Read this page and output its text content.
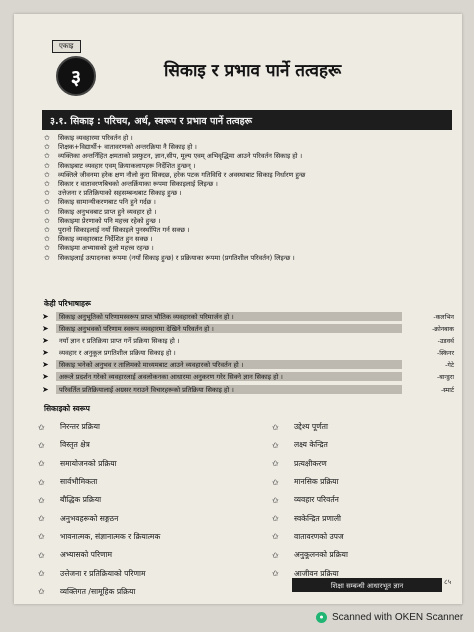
एकाइ
३	सिकाइ र प्रभाव पार्ने तत्वहरू
३.१. सिकाइ : परिचय, अर्थ, स्वरूप र प्रभाव पार्ने तत्वहरू
✩	सिकाइ व्यवहारमा परिवर्तन हो ।
✩	शिक्षक+विद्यार्थी+ वातावरणको अन्तरक्रिया नै सिकाइ हो ।
✩	व्यक्तिका अन्तर्निहित क्षमताको प्रस्फुटन, ज्ञान,सीप, मूल्य एवम् अभिवृद्धिमा आउने परिवर्तन सिकाइ हो ।
✩	सिकाइबाट व्यवहार एवम् क्रियाकलापहरू निर्देशित हुन्छन् ।
✩	व्यक्तिले जीवनमा हरेक क्षण नौलो कुरा सिक्दछ, हरेक पटक गतिविधि र अवस्थाबाट सिकाइ निर्धारण हुन्छ
✩	सिकार र वातावरणबिचको अन्तर्क्रियाका रूपमा सिकाइलाई लिइन्छ ।
✩	उत्तेजना र प्रतिक्रियाको सहसम्बन्धबाट सिकाइ हुन्छ ।
✩	सिकाइ सामान्यीकरणबाट पनि हुने गर्दछ ।
✩	सिकाइ अनुभवबाट प्राप्त हुने व्यवहार हो ।
✩	सिकाइमा प्रेरणाको पनि महत्त्व रहेको हुन्छ ।
✩	पुरानो सिकाइलाई नयाँ सिकाइले पुनर्स्थापित गर्न सक्छ ।
✩	सिकाइ व्यवहारबाट निर्देशित हुन सक्छ ।
✩	सिकाइमा अभ्यासको ठूलो महत्त्व रहन्छ ।
✩	सिकाइलाई उत्पादनका रूपमा (नयाँ सिकाइ हुन्छ) र प्रक्रियाका रूपमा (प्रगतिशील परिवर्तन) लिइन्छ ।
केही परिभाषाहरू
➤	सिकाइ अनुभूतिको परिणामस्वरूप प्राप्त भौतिक व्यवहारको परिमार्जन हो ।	-कलभिन
➤	सिकाइ अनुभवको परिणाम स्वरूप व्यवहारमा देखिने परिवर्तन हो ।	-क्रोनबाक
➤	नयाँ ज्ञान र प्रतिक्रिया प्राप्त गर्ने प्रक्रिया सिकाइ हो ।	-उडवर्थ
➤	व्यवहार र अनुकूल प्रगतिशील प्रक्रिया सिकाइ हो ।	-स्किनर
➤	सिकाइ भनेको अनुभव र तालिमको माध्यमबाट आउने व्यवहारको परिवर्तन हो ।	-गेटे
➤	अरूले प्रदर्शन गरेको व्यवहारलाई अवलोकनका आधारमा अनुकरण गरेर सिक्ने ज्ञान सिकाइ हो ।	-बान्डुरा
➤	परिवर्तित प्रतिक्रियालाई अग्रसर गराउने विचारहरूको प्रतिक्रिया सिकाइ हो ।	-स्मार्ट
सिकाइको स्वरूप
✩	निरन्तर प्रक्रिया
✩	विस्तृत क्षेत्र
✩	समायोजनको प्रक्रिया
✩	सार्वभौमिकता
✩	बौद्धिक प्रक्रिया
✩	अनुभवहरूको सङ्गठन
✩	भावनात्मक, संज्ञानात्मक र क्रियात्मक
✩	अभ्यासको परिणाम
✩	उत्तेजना र प्रतिक्रियाको परिणाम
✩	व्यक्तिगत /सामूहिक प्रक्रिया
✩	उद्देश्य पूर्णता
✩	लक्ष्य केन्द्रित
✩	प्रत्यक्षीकरण
✩	मानसिक प्रक्रिया
✩	व्यवहार परिवर्तन
✩	स्वकेन्द्रित प्रणाली
✩	वातावरणको उपज
✩	अनुकूलनको प्रक्रिया
✩	आजीवन प्रक्रिया
शिक्षा सम्बन्धी आधारभूत ज्ञान	८५
● Scanned with OKEN Scanner
